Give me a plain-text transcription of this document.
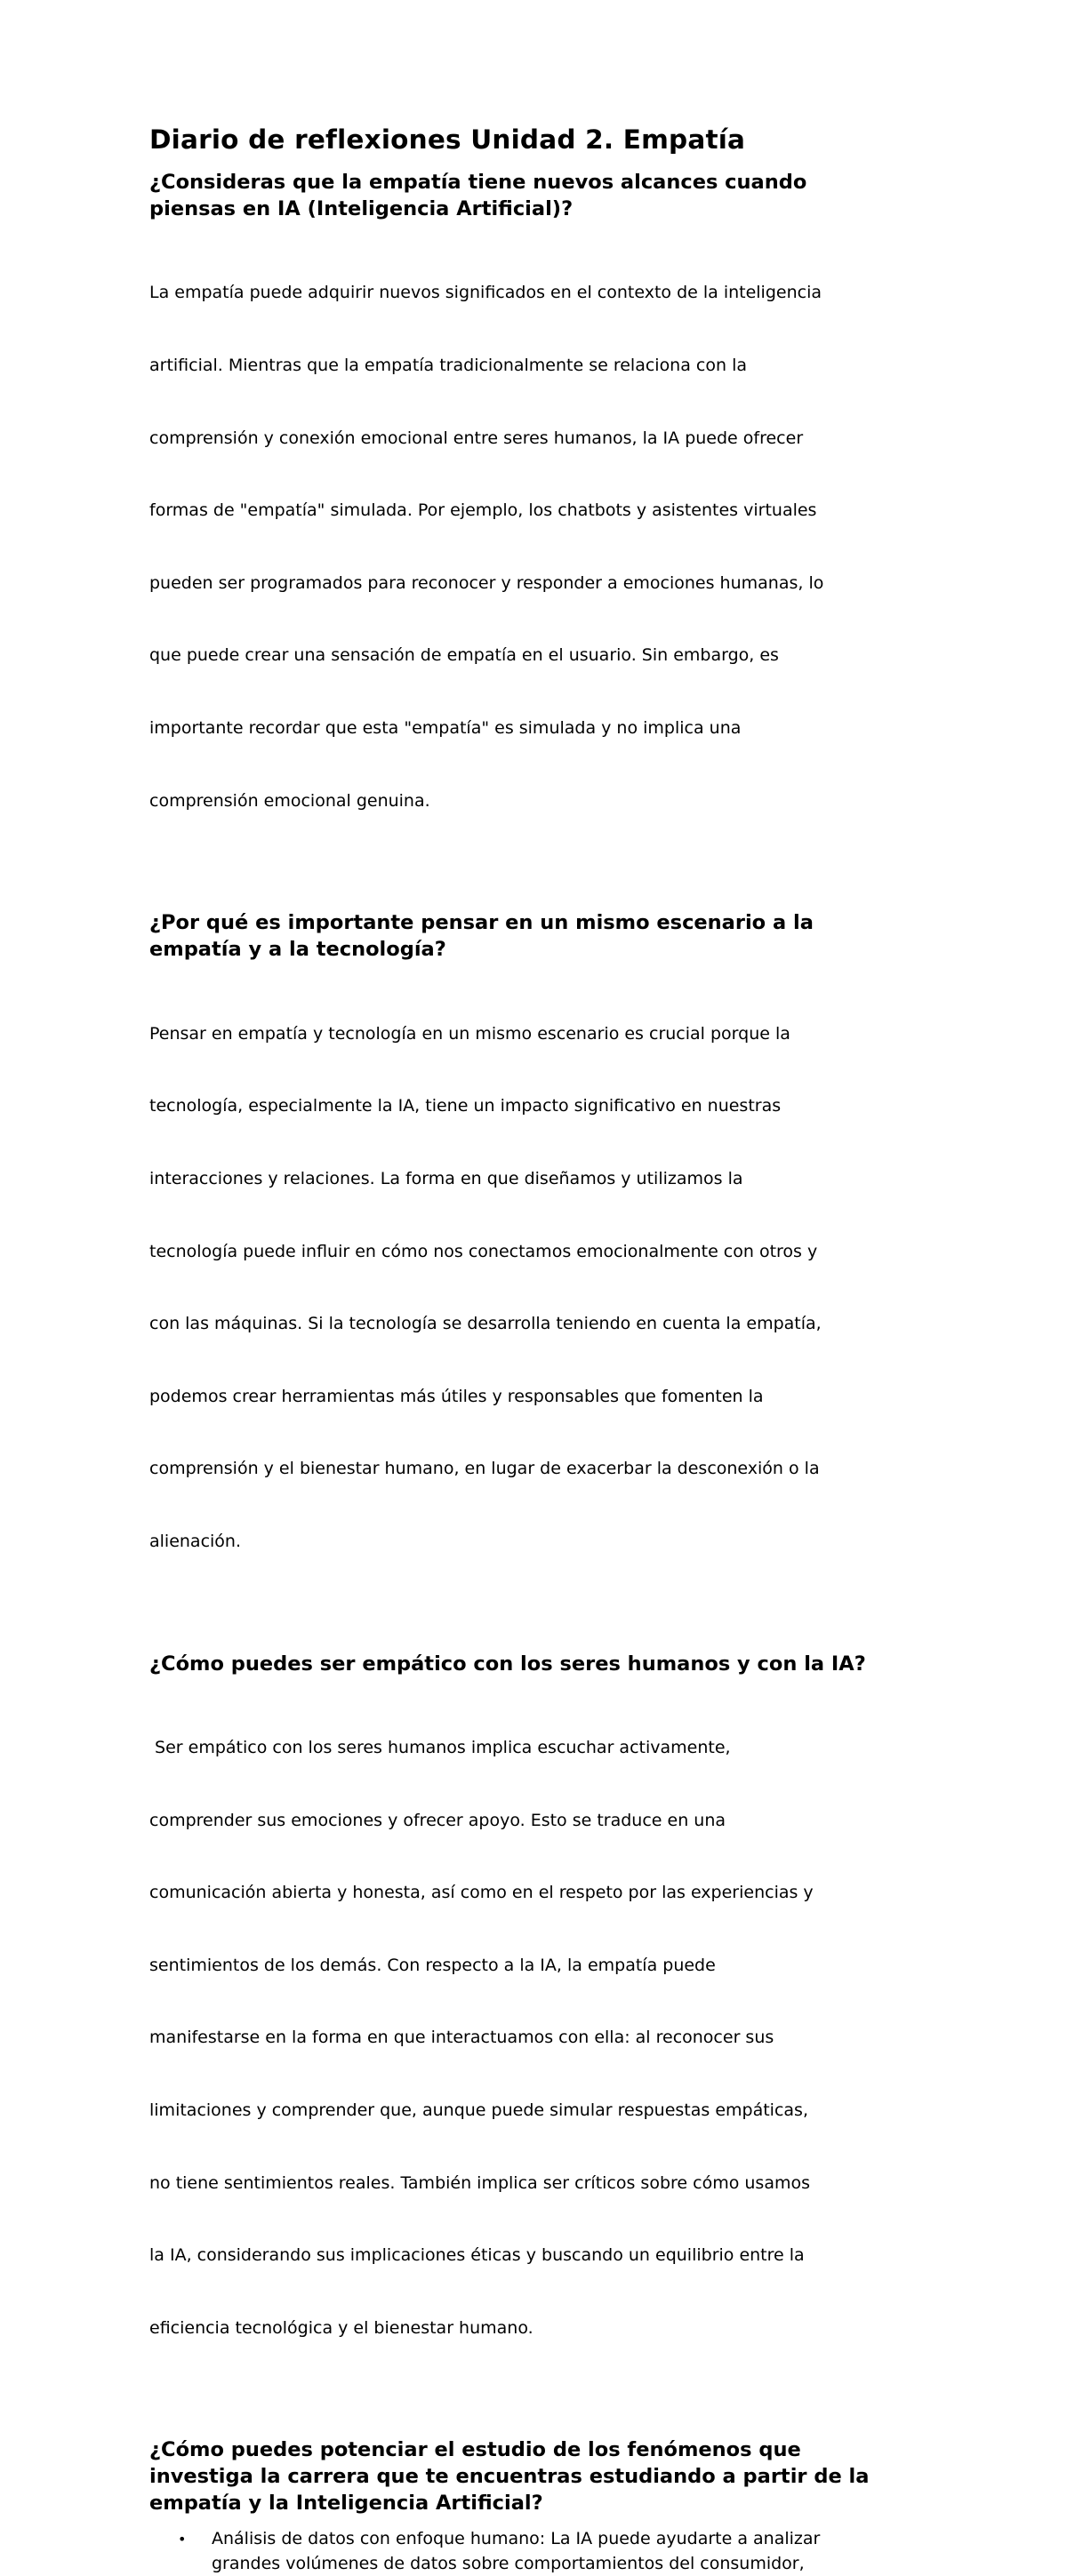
Diario de reflexiones Unidad 2. Empatía
¿Consideras que la empatía tiene nuevos alcances cuando
piensas en IA (Inteligencia Artificial)?

La empatía puede adquirir nuevos significados en el contexto de la inteligencia

artificial. Mientras que la empatía tradicionalmente se relaciona con la

comprensión y conexión emocional entre seres humanos, la IA puede ofrecer

formas de "empatía" simulada. Por ejemplo, los chatbots y asistentes virtuales

pueden ser programados para reconocer y responder a emociones humanas, lo

que puede crear una sensación de empatía en el usuario. Sin embargo, es

importante recordar que esta "empatía" es simulada y no implica una

comprensión emocional genuina.

¿Por qué es importante pensar en un mismo escenario a la
empatía y a la tecnología?

Pensar en empatía y tecnología en un mismo escenario es crucial porque la

tecnología, especialmente la IA, tiene un impacto significativo en nuestras

interacciones y relaciones. La forma en que diseñamos y utilizamos la

tecnología puede influir en cómo nos conectamos emocionalmente con otros y

con las máquinas. Si la tecnología se desarrolla teniendo en cuenta la empatía,

podemos crear herramientas más útiles y responsables que fomenten la

comprensión y el bienestar humano, en lugar de exacerbar la desconexión o la

alienación.

¿Cómo puedes ser empático con los seres humanos y con la IA?

Ser empático con los seres humanos implica escuchar activamente,

comprender sus emociones y ofrecer apoyo. Esto se traduce en una

comunicación abierta y honesta, así como en el respeto por las experiencias y

sentimientos de los demás. Con respecto a la IA, la empatía puede

manifestarse en la forma en que interactuamos con ella: al reconocer sus

limitaciones y comprender que, aunque puede simular respuestas empáticas,

no tiene sentimientos reales. También implica ser críticos sobre cómo usamos

la IA, considerando sus implicaciones éticas y buscando un equilibrio entre la

eficiencia tecnológica y el bienestar humano.

¿Cómo puedes potenciar el estudio de los fenómenos que
investiga la carrera que te encuentras estudiando a partir de la
empatía y la Inteligencia Artificial?
• Análisis de datos con enfoque humano: La IA puede ayudarte a analizar
grandes volúmenes de datos sobre comportamientos del consumidor,
